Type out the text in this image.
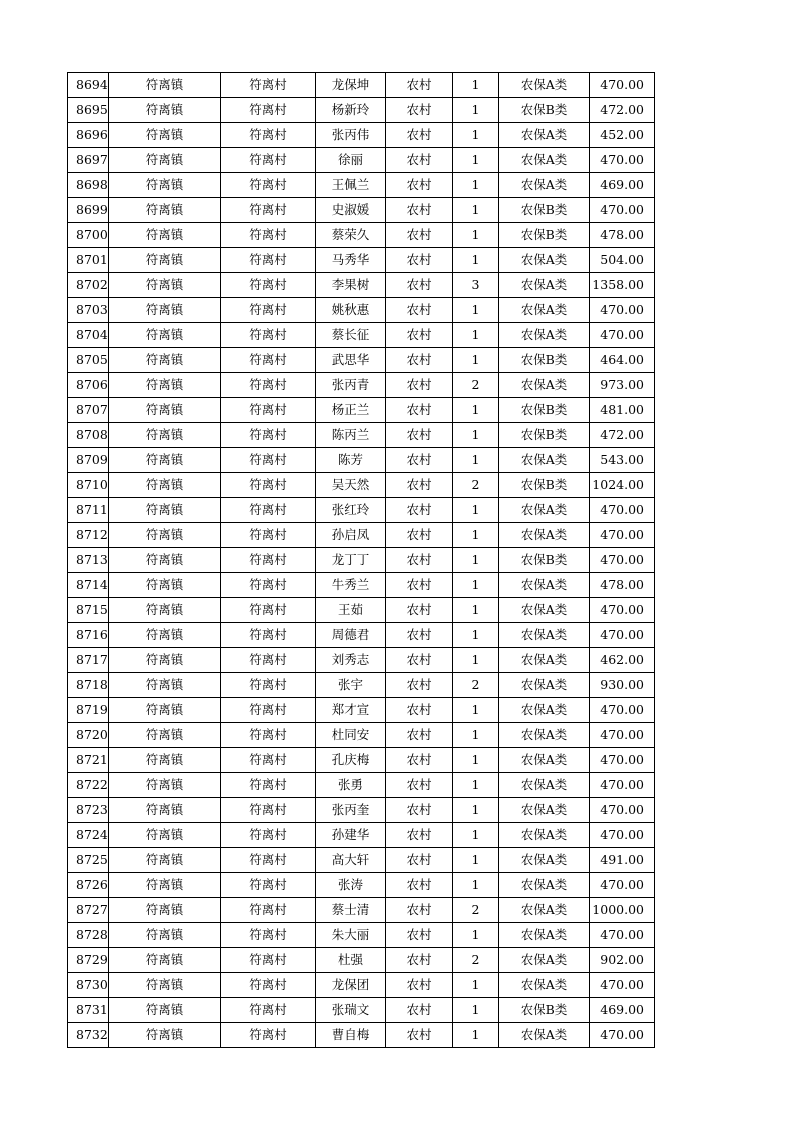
8694	符离镇	符离村	龙保坤	农村	1	农保A类	470.00
8695	符离镇	符离村	杨新玲	农村	1	农保B类	472.00
8696	符离镇	符离村	张丙伟	农村	1	农保A类	452.00
8697	符离镇	符离村	徐丽	农村	1	农保A类	470.00
8698	符离镇	符离村	王佩兰	农村	1	农保A类	469.00
8699	符离镇	符离村	史淑媛	农村	1	农保B类	470.00
8700	符离镇	符离村	蔡荣久	农村	1	农保B类	478.00
8701	符离镇	符离村	马秀华	农村	1	农保A类	504.00
8702	符离镇	符离村	李果树	农村	3	农保A类	1358.00
8703	符离镇	符离村	姚秋惠	农村	1	农保A类	470.00
8704	符离镇	符离村	蔡长征	农村	1	农保A类	470.00
8705	符离镇	符离村	武思华	农村	1	农保B类	464.00
8706	符离镇	符离村	张丙青	农村	2	农保A类	973.00
8707	符离镇	符离村	杨正兰	农村	1	农保B类	481.00
8708	符离镇	符离村	陈丙兰	农村	1	农保B类	472.00
8709	符离镇	符离村	陈芳	农村	1	农保A类	543.00
8710	符离镇	符离村	吴天然	农村	2	农保B类	1024.00
8711	符离镇	符离村	张红玲	农村	1	农保A类	470.00
8712	符离镇	符离村	孙启凤	农村	1	农保A类	470.00
8713	符离镇	符离村	龙丁丁	农村	1	农保B类	470.00
8714	符离镇	符离村	牛秀兰	农村	1	农保A类	478.00
8715	符离镇	符离村	王茹	农村	1	农保A类	470.00
8716	符离镇	符离村	周德君	农村	1	农保A类	470.00
8717	符离镇	符离村	刘秀志	农村	1	农保A类	462.00
8718	符离镇	符离村	张宇	农村	2	农保A类	930.00
8719	符离镇	符离村	郑才宣	农村	1	农保A类	470.00
8720	符离镇	符离村	杜同安	农村	1	农保A类	470.00
8721	符离镇	符离村	孔庆梅	农村	1	农保A类	470.00
8722	符离镇	符离村	张勇	农村	1	农保A类	470.00
8723	符离镇	符离村	张丙奎	农村	1	农保A类	470.00
8724	符离镇	符离村	孙建华	农村	1	农保A类	470.00
8725	符离镇	符离村	高大轩	农村	1	农保A类	491.00
8726	符离镇	符离村	张涛	农村	1	农保A类	470.00
8727	符离镇	符离村	蔡士清	农村	2	农保A类	1000.00
8728	符离镇	符离村	朱大丽	农村	1	农保A类	470.00
8729	符离镇	符离村	杜强	农村	2	农保A类	902.00
8730	符离镇	符离村	龙保团	农村	1	农保A类	470.00
8731	符离镇	符离村	张瑞文	农村	1	农保B类	469.00
8732	符离镇	符离村	曹自梅	农村	1	农保A类	470.00
